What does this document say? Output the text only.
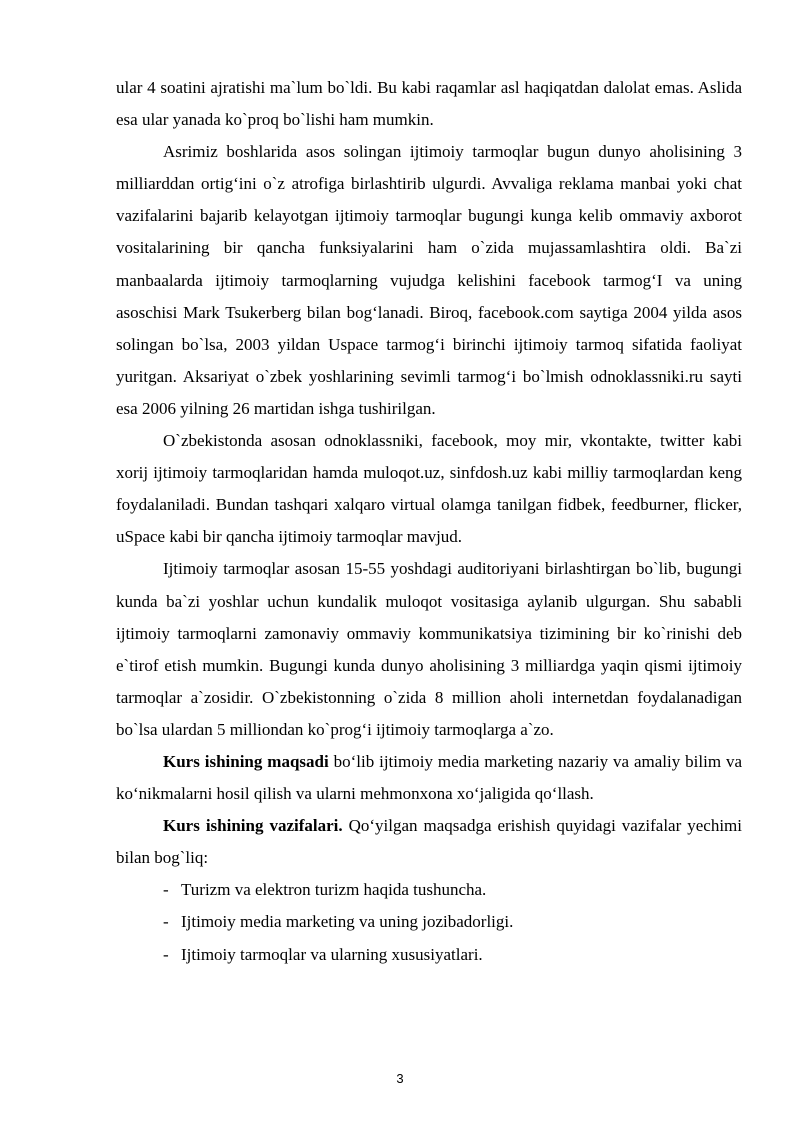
ular 4 soatini ajratishi ma`lum bo`ldi. Bu kabi raqamlar asl haqiqatdan dalolat emas. Aslida esa ular yanada ko`proq bo`lishi ham mumkin.

Asrimiz boshlarida asos solingan ijtimoiy tarmoqlar bugun dunyo aholisining 3 milliarddan ortig‘ini o`z atrofiga birlashtirib ulgurdi. Avvaliga reklama manbai yoki chat vazifalarini bajarib kelayotgan ijtimoiy tarmoqlar bugungi kunga kelib ommaviy axborot vositalarining bir qancha funksiyalarini ham o`zida mujassamlashtira oldi. Ba`zi manbaalarda ijtimoiy tarmoqlarning vujudga kelishini facebook tarmog‘I va uning asoschisi Mark Tsukerberg bilan bog‘lanadi. Biroq, facebook.com saytiga 2004 yilda asos solingan bo`lsa, 2003 yildan Uspace tarmog‘i birinchi ijtimoiy tarmoq sifatida faoliyat yuritgan. Aksariyat o`zbek yoshlarining sevimli tarmog‘i bo`lmish odnoklassniki.ru sayti esa 2006 yilning 26 martidan ishga tushirilgan.

O`zbekistonda asosan odnoklassniki, facebook, moy mir, vkontakte, twitter kabi xorij ijtimoiy tarmoqlaridan hamda muloqot.uz, sinfdosh.uz kabi milliy tarmoqlardan keng foydalaniladi. Bundan tashqari xalqaro virtual olamga tanilgan fidbek, feedburner, flicker, uSpace kabi bir qancha ijtimoiy tarmoqlar mavjud.

Ijtimoiy tarmoqlar asosan 15-55 yoshdagi auditoriyani birlashtirgan bo`lib, bugungi kunda ba`zi yoshlar uchun kundalik muloqot vositasiga aylanib ulgurgan. Shu sababli ijtimoiy tarmoqlarni zamonaviy ommaviy kommunikatsiya tizimining bir ko`rinishi deb e`tirof etish mumkin. Bugungi kunda dunyo aholisining 3 milliardga yaqin qismi ijtimoiy tarmoqlar a`zosidir. O`zbekistonning o`zida 8 million aholi internetdan foydalanadigan bo`lsa ulardan 5 milliondan ko`prog‘i ijtimoiy tarmoqlarga a`zo.

Kurs ishining maqsadi bo‘lib ijtimoiy media marketing nazariy va amaliy bilim va ko‘nikmalarni hosil qilish va ularni mehmonxona xo‘jaligida qo‘llash.

Kurs ishining vazifalari. Qo‘yilgan maqsadga erishish quyidagi vazifalar yechimi bilan bog`liq:

- Turizm va elektron turizm haqida tushuncha.
- Ijtimoiy media marketing va uning jozibadorligi.
- Ijtimoiy tarmoqlar va ularning xususiyatlari.
3
